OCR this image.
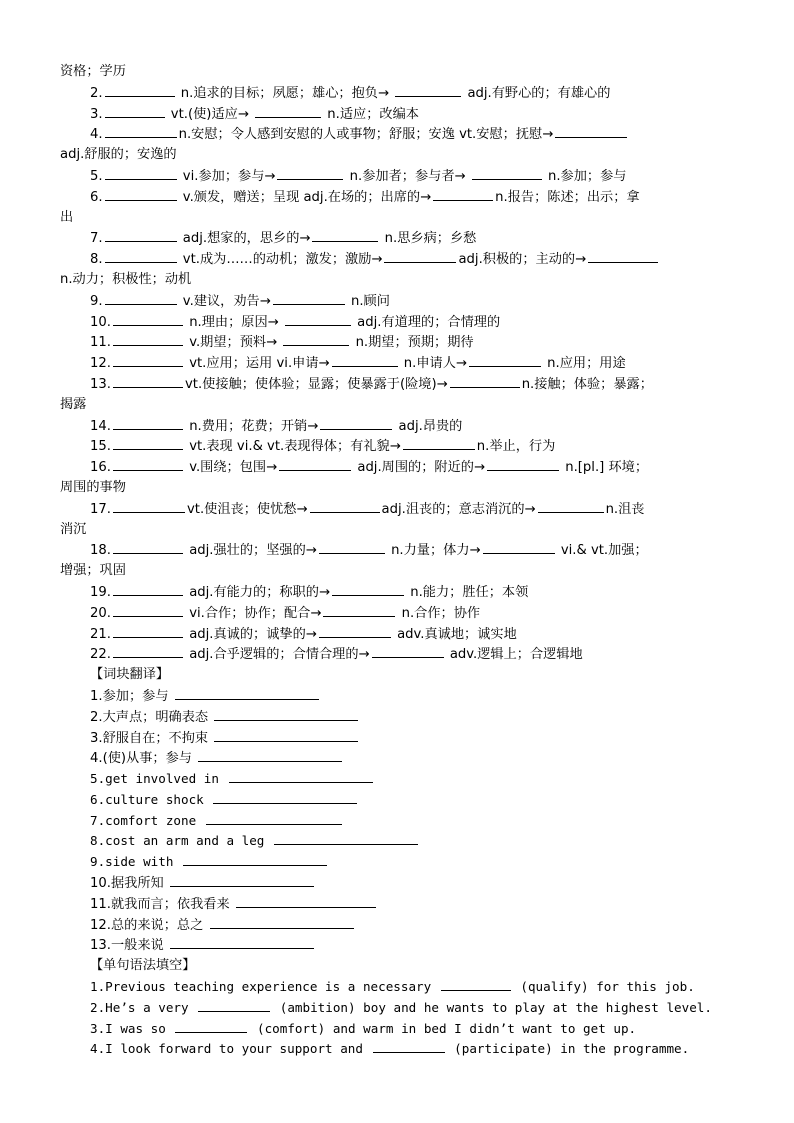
资格；学历
2.	n.追求的目标；夙愿；雄心；抱负→	adj.有野心的；有雄心的
3.	vt.(使)适应→	n.适应；改编本
4.	n.安慰；令人感到安慰的人或事物；舒服；安逸 vt.安慰；抚慰→
adj.舒服的；安逸的
5.	vi.参加；参与→	n.参加者；参与者→	n.参加；参与
6.	v.颁发，赠送；呈现 adj.在场的；出席的→	n.报告；陈述；出示；拿
出
7.	adj.想家的，思乡的→	n.思乡病；乡愁
8.	vt.成为……的动机；激发；激励→	adj.积极的；主动的→
n.动力；积极性；动机
9.	v.建议，劝告→	n.顾问
10.	n.理由；原因→	adj.有道理的；合情理的
11.	v.期望；预料→	n.期望；预期；期待
12.	vt.应用；运用 vi.申请→	n.申请人→	n.应用；用途
13.	vt.使接触；使体验；显露；使暴露于(险境)→	n.接触；体验；暴露；
揭露
14.	n.费用；花费；开销→	adj.昂贵的
15.	vt.表现 vi.& vt.表现得体；有礼貌→	n.举止，行为
16.	v.围绕；包围→	adj.周围的；附近的→	n.[pl.] 环境；
周围的事物
17.	vt.使沮丧；使忧愁→	adj.沮丧的；意志消沉的→	n.沮丧
消沉
18.	adj.强壮的；坚强的→	n.力量；体力→	vi.& vt.加强；
增强；巩固
19.	adj.有能力的；称职的→	n.能力；胜任；本领
20.	vi.合作；协作；配合→	n.合作；协作
21.	adj.真诚的；诚挚的→	adv.真诚地；诚实地
22.	adj.合乎逻辑的；合情合理的→	adv.逻辑上；合逻辑地
【词块翻译】
1.参加；参与
2.大声点；明确表态
3.舒服自在；不拘束
4.(使)从事；参与
5.get involved in
6.culture shock
7.comfort zone
8.cost an arm and a leg
9.side with
10.据我所知
11.就我而言；依我看来
12.总的来说；总之
13.一般来说
【单句语法填空】
1.Previous teaching experience is a necessary	(qualify) for this job.
2.He’s a very	(ambition) boy and he wants to play at the highest level.
3.I was so	(comfort) and warm in bed I didn’t want to get up.
4.I look forward to your support and	(participate) in the programme.
